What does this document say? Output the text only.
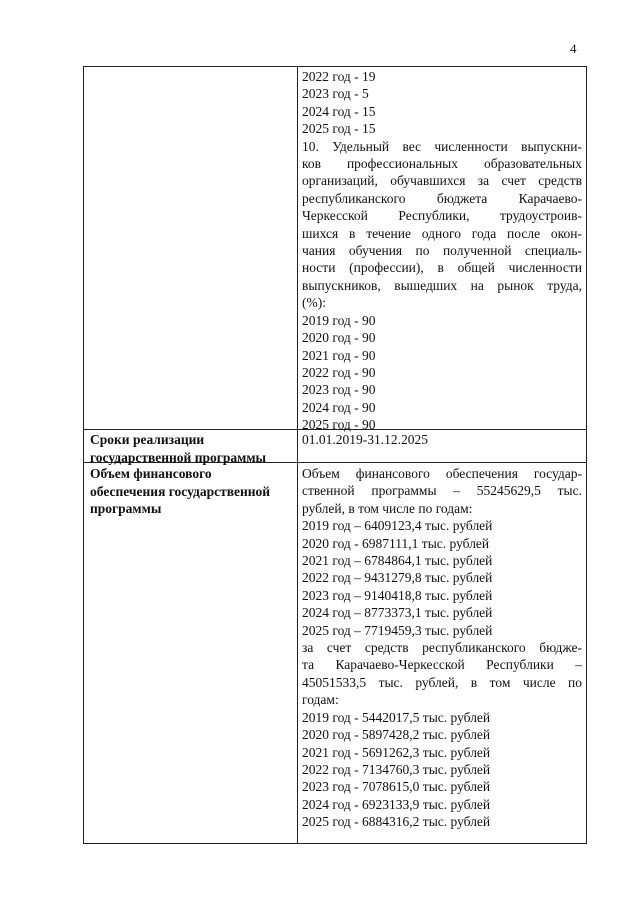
4
2022 год - 19
2023 год - 5
2024 год - 15
2025 год - 15
10. Удельный вес численности выпускни-
ков профессиональных образовательных
организаций, обучавшихся за счет средств
республиканского бюджета Карачаево-
Черкесской Республики, трудоустроив-
шихся в течение одного года после окон-
чания обучения по полученной специаль-
ности (профессии), в общей численности
выпускников, вышедших на рынок труда,
(%):
2019 год - 90
2020 год - 90
2021 год - 90
2022 год - 90
2023 год - 90
2024 год - 90
2025 год - 90
Сроки реализации государственной программы
01.01.2019-31.12.2025
Объем финансового обеспечения государственной программы
Объем финансового обеспечения государ-
ственной программы – 55245629,5 тыс.
рублей, в том числе по годам:
2019 год – 6409123,4 тыс. рублей
2020 год - 6987111,1 тыс. рублей
2021 год – 6784864,1 тыс. рублей
2022 год – 9431279,8 тыс. рублей
2023 год – 9140418,8 тыс. рублей
2024 год – 8773373,1 тыс. рублей
2025 год – 7719459,3 тыс. рублей
за счет средств республиканского бюдже-
та Карачаево-Черкесской Республики –
45051533,5 тыс. рублей, в том числе по
годам:
2019 год - 5442017,5 тыс. рублей
2020 год - 5897428,2 тыс. рублей
2021 год - 5691262,3 тыс. рублей
2022 год - 7134760,3 тыс. рублей
2023 год - 7078615,0 тыс. рублей
2024 год - 6923133,9 тыс. рублей
2025 год - 6884316,2 тыс. рублей
